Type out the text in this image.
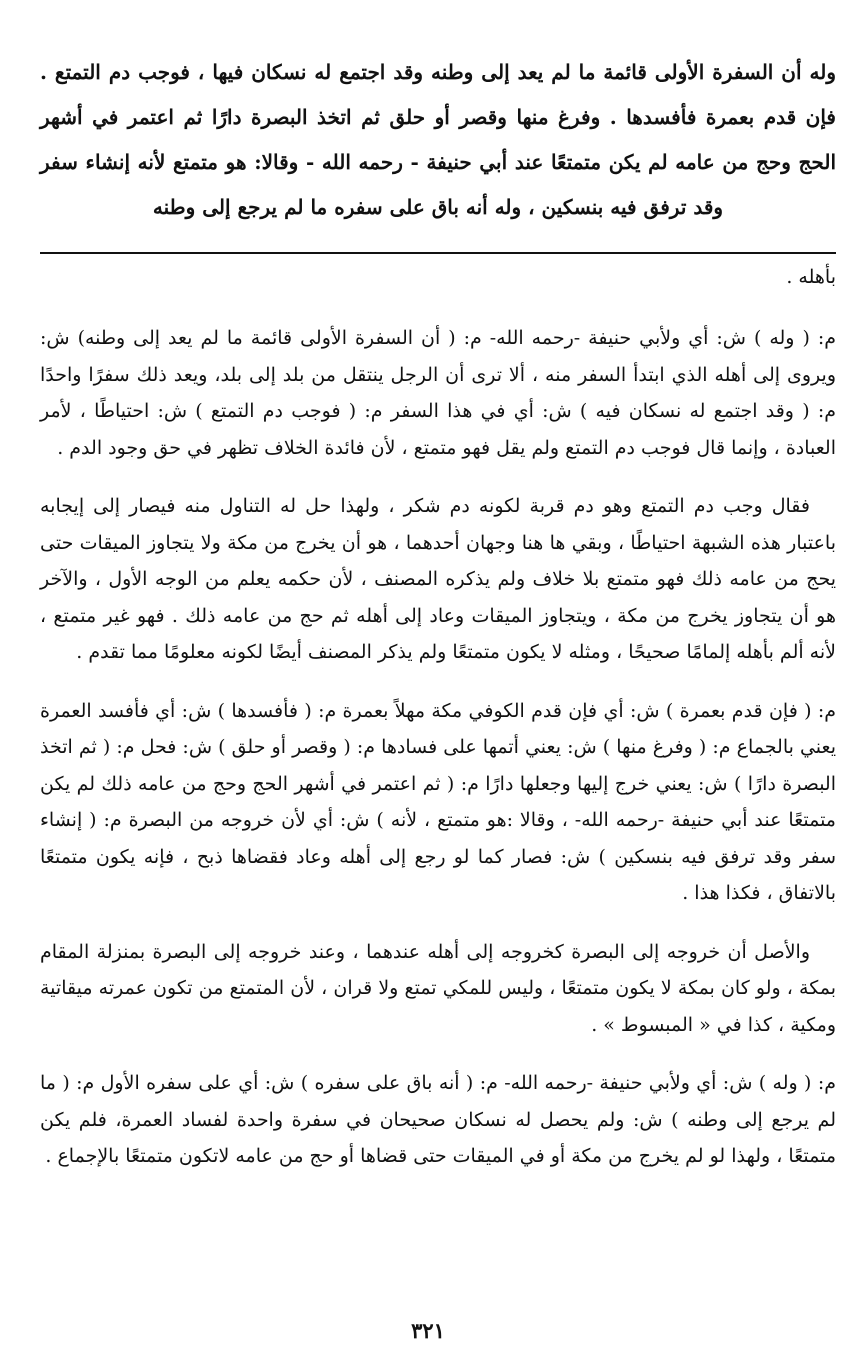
وله أن السفرة الأولى قائمة ما لم يعد إلى وطنه وقد اجتمع له نسكان فيها ، فوجب دم التمتع . فإن قدم بعمرة فأفسدها . وفرغ منها وقصر أو حلق ثم اتخذ البصرة دارًا ثم اعتمر في أشهر الحج وحج من عامه لم يكن متمتعًا عند أبي حنيفة - رحمه الله - وقالا: هو متمتع لأنه إنشاء سفر وقد ترفق فيه بنسكين ، وله أنه باق على سفره ما لم يرجع إلى وطنه

بأهله .

م: ( وله ) ش: أي ولأبي حنيفة -رحمه الله- م: ( أن السفرة الأولى قائمة ما لم يعد إلى وطنه) ش: ويروى إلى أهله الذي ابتدأ السفر منه ، ألا ترى أن الرجل ينتقل من بلد إلى بلد، ويعد ذلك سفرًا واحدًا م: ( وقد اجتمع له نسكان فيه ) ش: أي في هذا السفر م: ( فوجب دم التمتع ) ش: احتياطًا ، لأمر العبادة ، وإنما قال فوجب دم التمتع ولم يقل فهو متمتع ، لأن فائدة الخلاف تظهر في حق وجود الدم .

فقال وجب دم التمتع وهو دم قربة لكونه دم شكر ، ولهذا حل له التناول منه فيصار إلى إيجابه باعتبار هذه الشبهة احتياطًا ، وبقي ها هنا وجهان أحدهما ، هو أن يخرج من مكة ولا يتجاوز الميقات حتى يحج من عامه ذلك فهو متمتع بلا خلاف ولم يذكره المصنف ، لأن حكمه يعلم من الوجه الأول ، والآخر هو أن يتجاوز يخرج من مكة ، ويتجاوز الميقات وعاد إلى أهله ثم حج من عامه ذلك . فهو غير متمتع ، لأنه ألم بأهله إلمامًا صحيحًا ، ومثله لا يكون متمتعًا ولم يذكر المصنف أيضًا لكونه معلومًا مما تقدم .

م: ( فإن قدم بعمرة ) ش: أي فإن قدم الكوفي مكة مهلاً بعمرة م: ( فأفسدها ) ش: أي فأفسد العمرة يعني بالجماع م: ( وفرغ منها ) ش: يعني أتمها على فسادها م: ( وقصر أو حلق ) ش: فحل م: ( ثم اتخذ البصرة دارًا ) ش: يعني خرج إليها وجعلها دارًا م: ( ثم اعتمر في أشهر الحج وحج من عامه ذلك لم يكن متمتعًا عند أبي حنيفة -رحمه الله- ، وقالا :هو متمتع ، لأنه ) ش: أي لأن خروجه من البصرة م: ( إنشاء سفر وقد ترفق فيه بنسكين ) ش: فصار كما لو رجع إلى أهله وعاد فقضاها ذبح ، فإنه يكون متمتعًا بالاتفاق ، فكذا هذا .

والأصل أن خروجه إلى البصرة كخروجه إلى أهله عندهما ، وعند خروجه إلى البصرة بمنزلة المقام بمكة ، ولو كان بمكة لا يكون متمتعًا ، وليس للمكي تمتع ولا قران ، لأن المتمتع من تكون عمرته ميقاتية ومكية ، كذا في « المبسوط » .

م: ( وله ) ش: أي ولأبي حنيفة -رحمه الله- م: ( أنه باق على سفره ) ش: أي على سفره الأول م: ( ما لم يرجع إلى وطنه ) ش: ولم يحصل له نسكان صحيحان في سفرة واحدة لفساد العمرة، فلم يكن متمتعًا ، ولهذا لو لم يخرج من مكة أو في الميقات حتى قضاها أو حج من عامه لاتكون متمتعًا بالإجماع .

٣٢١
